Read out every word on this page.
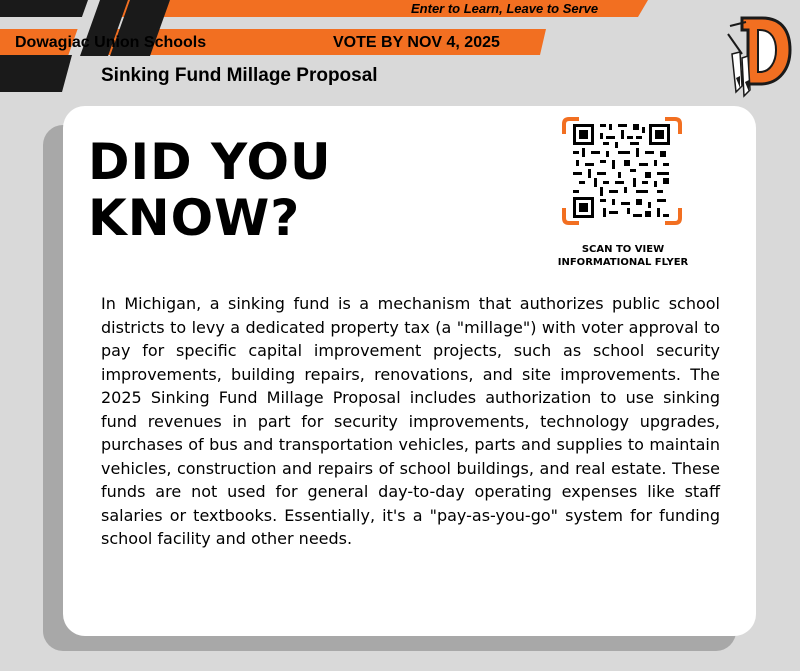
Enter to Learn, Leave to Serve
Dowagiac Union Schools	VOTE BY NOV 4, 2025
Sinking Fund Millage Proposal
DID YOU KNOW?
SCAN TO VIEW
INFORMATIONAL FLYER

In Michigan, a sinking fund is a mechanism that authorizes public school districts to levy a dedicated property tax (a "millage") with voter approval to pay for specific capital improvement projects, such as school security improvements, building repairs, renovations, and site improvements. The 2025 Sinking Fund Millage Proposal includes authorization to use sinking fund revenues in part for security improvements, technology upgrades, purchases of bus and transportation vehicles, parts and supplies to maintain vehicles, construction and repairs of school buildings, and real estate. These funds are not used for general day-to-day operating expenses like staff salaries or textbooks. Essentially, it's a "pay-as-you-go" system for funding school facility and other needs.
